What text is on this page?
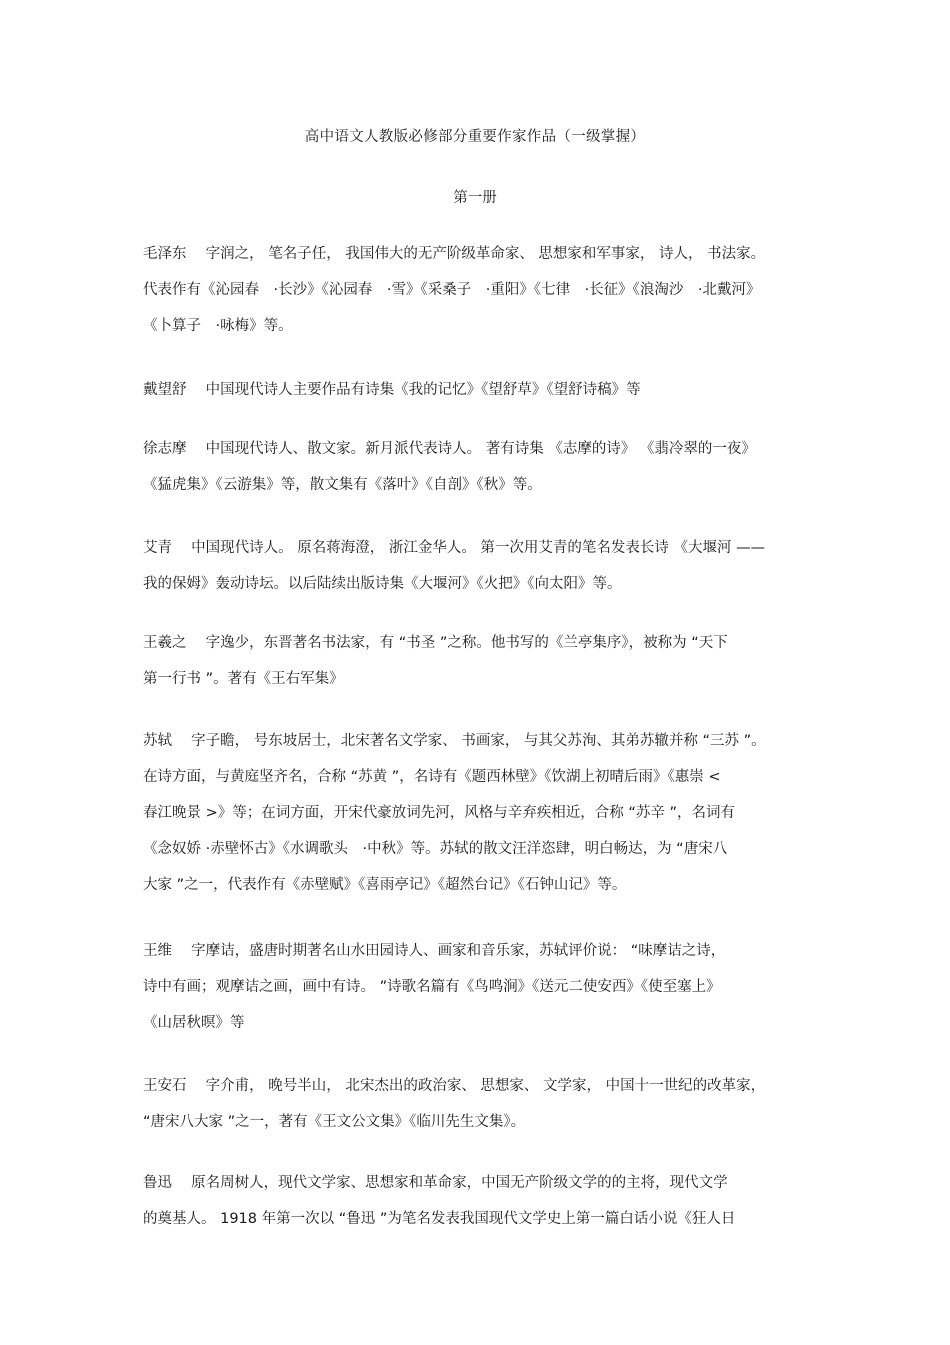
高中语文人教版必修部分重要作家作品（一级掌握）
第一册
毛泽东　 字润之， 笔名子任， 我国伟大的无产阶级革命家、 思想家和军事家， 诗人， 书法家。
代表作有《沁园春　·长沙》《沁园春　·雪》《采桑子　·重阳》《七律　·长征》《浪淘沙　·北戴河》
《卜算子　·咏梅》等。
戴望舒　 中国现代诗人主要作品有诗集《我的记忆》《望舒草》《望舒诗稿》等
徐志摩　 中国现代诗人、散文家。新月派代表诗人。 著有诗集 《志摩的诗》 《翡冷翠的一夜》
《猛虎集》《云游集》等，散文集有《落叶》《自剖》《秋》等。
艾青　 中国现代诗人。 原名蒋海澄， 浙江金华人。 第一次用艾青的笔名发表长诗 《大堰河 ——
我的保姆》轰动诗坛。以后陆续出版诗集《大堰河》《火把》《向太阳》等。
王羲之　 字逸少，东晋著名书法家，有 “书圣 ”之称。他书写的《兰亭集序》，被称为 “天下
第一行书 ”。著有《王右军集》
苏轼　 字子瞻， 号东坡居士，北宋著名文学家、 书画家， 与其父苏洵、其弟苏辙并称 “三苏 ”。
在诗方面，与黄庭坚齐名，合称 “苏黄 ”，名诗有《题西林壁》《饮湖上初晴后雨》《惠崇 <
春江晚景 >》等；在词方面，开宋代豪放词先河，风格与辛弃疾相近，合称 “苏辛 ”，名词有
《念奴娇 ·赤壁怀古》《水调歌头　·中秋》等。苏轼的散文汪洋恣肆，明白畅达，为 “唐宋八
大家 ”之一，代表作有《赤壁赋》《喜雨亭记》《超然台记》《石钟山记》等。
王维　 字摩诘，盛唐时期著名山水田园诗人、画家和音乐家，苏轼评价说： “味摩诘之诗，
诗中有画；观摩诘之画，画中有诗。 ”诗歌名篇有《鸟鸣涧》《送元二使安西》《使至塞上》
《山居秋暝》等
王安石　 字介甫， 晚号半山， 北宋杰出的政治家、 思想家、 文学家， 中国十一世纪的改革家，
“唐宋八大家 ”之一，著有《王文公文集》《临川先生文集》。
鲁迅　 原名周树人，现代文学家、思想家和革命家，中国无产阶级文学的的主将，现代文学
的奠基人。 1918 年第一次以 “鲁迅 ”为笔名发表我国现代文学史上第一篇白话小说《狂人日
